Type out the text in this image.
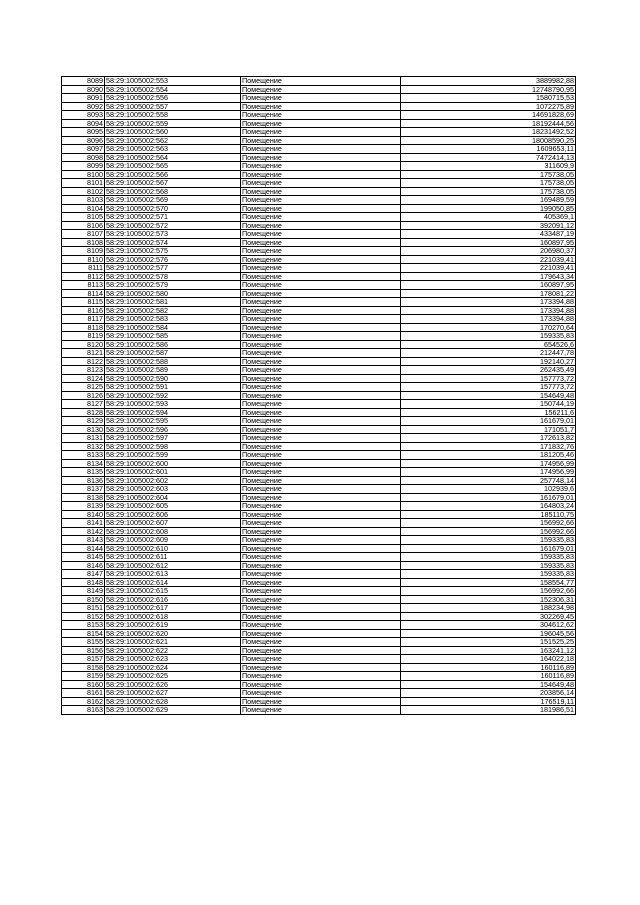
8089	58:29:1005002:553	Помещение	3889982,88
8090	58:29:1005002:554	Помещение	12748790,95
8091	58:29:1005002:556	Помещение	1580715,53
8092	58:29:1005002:557	Помещение	1072275,89
8093	58:29:1005002:558	Помещение	14691828,69
8094	58:29:1005002:559	Помещение	18192444,56
8095	58:29:1005002:560	Помещение	18231492,52
8096	58:29:1005002:562	Помещение	18008590,25
8097	58:29:1005002:563	Помещение	1609653,11
8098	58:29:1005002:564	Помещение	7472414,13
8099	58:29:1005002:565	Помещение	311609,9
8100	58:29:1005002:566	Помещение	175738,05
8101	58:29:1005002:567	Помещение	175738,05
8102	58:29:1005002:568	Помещение	175738,05
8103	58:29:1005002:569	Помещение	169489,59
8104	58:29:1005002:570	Помещение	199050,85
8105	58:29:1005002:571	Помещение	405369,1
8106	58:29:1005002:572	Помещение	392091,12
8107	58:29:1005002:573	Помещение	433487,19
8108	58:29:1005002:574	Помещение	160897,95
8109	58:29:1005002:575	Помещение	206980,37
8110	58:29:1005002:576	Помещение	221039,41
8111	58:29:1005002:577	Помещение	221039,41
8112	58:29:1005002:578	Помещение	179643,34
8113	58:29:1005002:579	Помещение	160897,95
8114	58:29:1005002:580	Помещение	178081,22
8115	58:29:1005002:581	Помещение	173394,88
8116	58:29:1005002:582	Помещение	173394,88
8117	58:29:1005002:583	Помещение	173394,88
8118	58:29:1005002:584	Помещение	170270,64
8119	58:29:1005002:585	Помещение	159335,83
8120	58:29:1005002:586	Помещение	654526,6
8121	58:29:1005002:587	Помещение	212447,78
8122	58:29:1005002:588	Помещение	192140,27
8123	58:29:1005002:589	Помещение	262435,49
8124	58:29:1005002:590	Помещение	157773,72
8125	58:29:1005002:591	Помещение	157773,72
8126	58:29:1005002:592	Помещение	154649,48
8127	58:29:1005002:593	Помещение	150744,19
8128	58:29:1005002:594	Помещение	156211,6
8129	58:29:1005002:595	Помещение	161679,01
8130	58:29:1005002:596	Помещение	171051,7
8131	58:29:1005002:597	Помещение	172613,82
8132	58:29:1005002:598	Помещение	171832,76
8133	58:29:1005002:599	Помещение	181205,46
8134	58:29:1005002:600	Помещение	174956,99
8135	58:29:1005002:601	Помещение	174956,99
8136	58:29:1005002:602	Помещение	257748,14
8137	58:29:1005002:603	Помещение	102939,6
8138	58:29:1005002:604	Помещение	161679,01
8139	58:29:1005002:605	Помещение	164803,24
8140	58:29:1005002:606	Помещение	185110,75
8141	58:29:1005002:607	Помещение	156992,66
8142	58:29:1005002:608	Помещение	156992,66
8143	58:29:1005002:609	Помещение	159335,83
8144	58:29:1005002:610	Помещение	161679,01
8145	58:29:1005002:611	Помещение	159335,83
8146	58:29:1005002:612	Помещение	159335,83
8147	58:29:1005002:613	Помещение	159335,83
8148	58:29:1005002:614	Помещение	158554,77
8149	58:29:1005002:615	Помещение	156992,66
8150	58:29:1005002:616	Помещение	152306,31
8151	58:29:1005002:617	Помещение	188234,98
8152	58:29:1005002:618	Помещение	302269,45
8153	58:29:1005002:619	Помещение	304612,62
8154	58:29:1005002:620	Помещение	196045,56
8155	58:29:1005002:621	Помещение	151525,25
8156	58:29:1005002:622	Помещение	163241,12
8157	58:29:1005002:623	Помещение	164022,18
8158	58:29:1005002:624	Помещение	160116,89
8159	58:29:1005002:625	Помещение	160116,89
8160	58:29:1005002:626	Помещение	154649,48
8161	58:29:1005002:627	Помещение	203856,14
8162	58:29:1005002:628	Помещение	176519,11
8163	58:29:1005002:629	Помещение	181986,51
